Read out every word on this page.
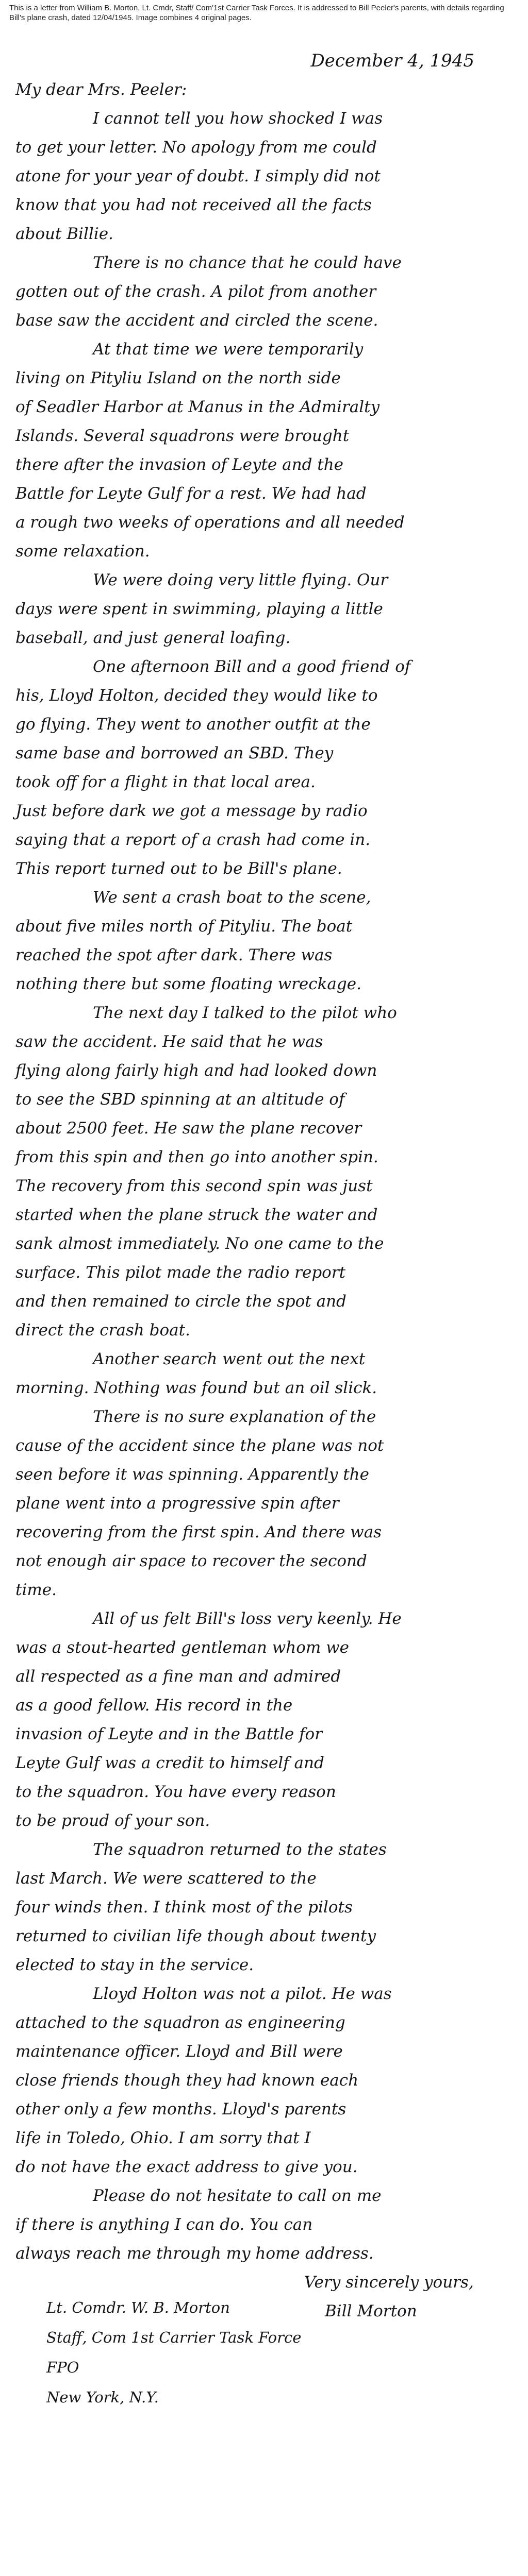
This is a letter from William B. Morton, Lt. Cmdr, Staff/ Com'1st Carrier Task Forces. It is addressed to Bill Peeler's parents, with details regarding Bill's plane crash, dated 12/04/1945. Image combines 4 original pages.
December 4, 1945
My dear Mrs. Peeler:
I cannot tell you how shocked I was
to get your letter. No apology from me could
atone for your year of doubt. I simply did not
know that you had not received all the facts
about Billie.
There is no chance that he could have
gotten out of the crash. A pilot from another
base saw the accident and circled the scene.
At that time we were temporarily
living on Pityliu Island on the north side
of Seadler Harbor at Manus in the Admiralty
Islands. Several squadrons were brought
there after the invasion of Leyte and the
Battle for Leyte Gulf for a rest. We had had
a rough two weeks of operations and all needed
some relaxation.
We were doing very little flying. Our
days were spent in swimming, playing a little
baseball, and just general loafing.
One afternoon Bill and a good friend of
his, Lloyd Holton, decided they would like to
go flying. They went to another outfit at the
same base and borrowed an SBD. They
took off for a flight in that local area.
Just before dark we got a message by radio
saying that a report of a crash had come in.
This report turned out to be Bill's plane.
We sent a crash boat to the scene,
about five miles north of Pityliu. The boat
reached the spot after dark. There was
nothing there but some floating wreckage.
The next day I talked to the pilot who
saw the accident. He said that he was
flying along fairly high and had looked down
to see the SBD spinning at an altitude of
about 2500 feet. He saw the plane recover
from this spin and then go into another spin.
The recovery from this second spin was just
started when the plane struck the water and
sank almost immediately. No one came to the
surface. This pilot made the radio report
and then remained to circle the spot and
direct the crash boat.
Another search went out the next
morning. Nothing was found but an oil slick.
There is no sure explanation of the
cause of the accident since the plane was not
seen before it was spinning. Apparently the
plane went into a progressive spin after
recovering from the first spin. And there was
not enough air space to recover the second
time.
All of us felt Bill's loss very keenly. He
was a stout-hearted gentleman whom we
all respected as a fine man and admired
as a good fellow. His record in the
invasion of Leyte and in the Battle for
Leyte Gulf was a credit to himself and
to the squadron. You have every reason
to be proud of your son.
The squadron returned to the states
last March. We were scattered to the
four winds then. I think most of the pilots
returned to civilian life though about twenty
elected to stay in the service.
Lloyd Holton was not a pilot. He was
attached to the squadron as engineering
maintenance officer. Lloyd and Bill were
close friends though they had known each
other only a few months. Lloyd's parents
life in Toledo, Ohio. I am sorry that I
do not have the exact address to give you.
Please do not hesitate to call on me
if there is anything I can do. You can
always reach me through my home address.
Very sincerely yours,
Bill Morton
Lt. Comdr. W. B. Morton
Staff, Com 1st Carrier Task Force
FPO
New York, N.Y.
